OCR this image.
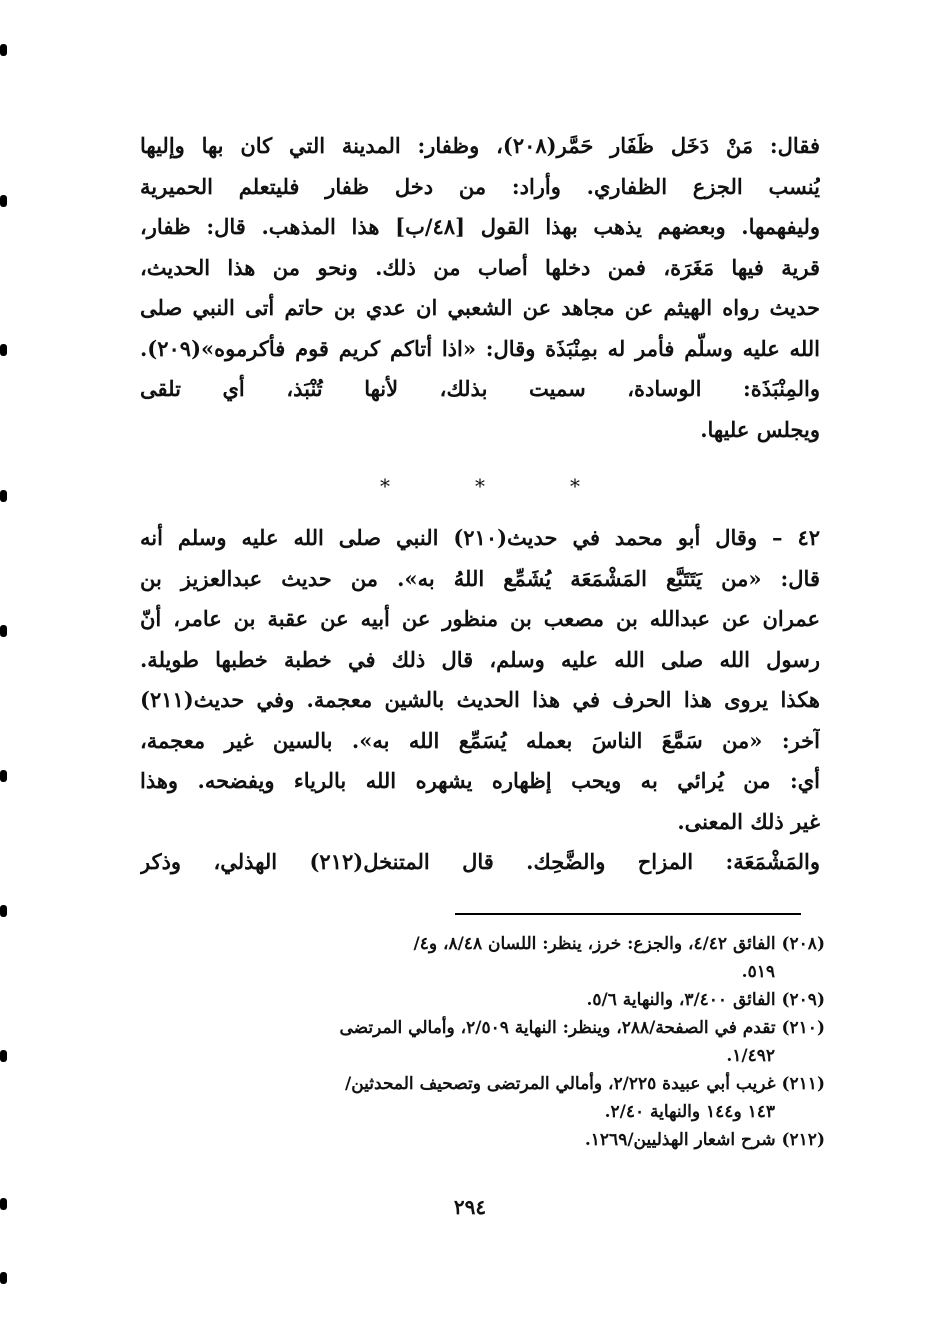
فقال: مَنْ دَخَل ظَفَار حَمَّر(٢٠٨)، وظفار: المدينة التي كان بها وإليها
يُنسب الجزع الظفاري. وأراد: من دخل ظفار فليتعلم الحميرية
وليفهمها. وبعضهم يذهب بهذا القول [٤٨/ب] هذا المذهب. قال: ظفار،
قرية فيها مَغَرَة، فمن دخلها أصاب من ذلك. ونحو من هذا الحديث،
حديث رواه الهيثم عن مجاهد عن الشعبي ان عدي بن حاتم أتى النبي صلى
الله عليه وسلّم فأمر له بمِنْبَذَة وقال: «اذا أتاكم كريم قوم فأكرموه»(٢٠٩).
والمِنْبَذَة: الوسادة، سميت بذلك، لأنها تُنْبَذ، أي تلقى
ويجلس عليها.
*	*	*
٤٢ – وقال أبو محمد في حديث(٢١٠) النبي صلى الله عليه وسلم أنه
قال: «من يَتَتَبَّع المَشْمَعَة يُشَمِّع اللهُ به». من حديث عبدالعزيز بن
عمران عن عبدالله بن مصعب بن منظور عن أبيه عن عقبة بن عامر، أنّ
رسول الله صلى الله عليه وسلم، قال ذلك في خطبة خطبها طويلة.
هكذا يروى هذا الحرف في هذا الحديث بالشين معجمة. وفي حديث(٢١١)
آخر: «من سَمَّعَ الناسَ بعمله يُسَمِّع الله به». بالسين غير معجمة،
أي: من يُرائي به ويحب إظهاره يشهره الله بالرياء ويفضحه. وهذا
غير ذلك المعنى.
والمَشْمَعَة: المزاح والضَّحِك. قال المتنخل(٢١٢) الهذلي، وذكر
(٢٠٨) الفائق ٤/٤٢، والجزع: خرز، ينظر: اللسان ٨/٤٨، و٤/
٥١٩.
(٢٠٩) الفائق ٣/٤٠٠، والنهاية ٥/٦.
(٢١٠) تقدم في الصفحة/٢٨٨، وينظر: النهاية ٢/٥٠٩، وأمالي المرتضى
١/٤٩٢.
(٢١١) غريب أبي عبيدة ٢/٢٢٥، وأمالي المرتضى وتصحيف المحدثين/
١٤٣ و١٤٤ والنهاية ٢/٤٠.
(٢١٢) شرح اشعار الهذليين/١٢٦٩.
٢٩٤
